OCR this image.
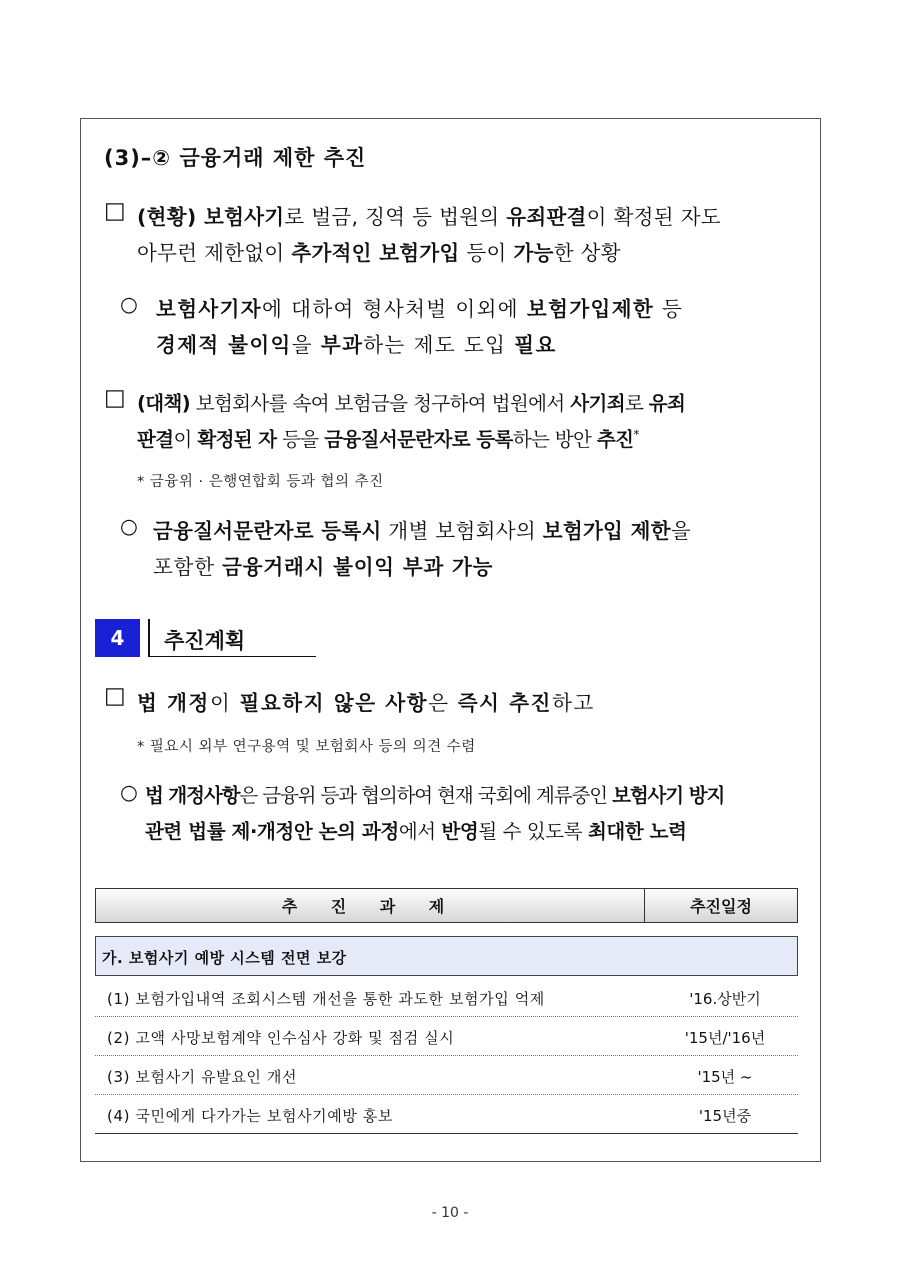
(3)–② 금융거래 제한 추진
□ (현황) 보험사기로 벌금, 징역 등 법원의 유죄판결이 확정된 자도
아무런 제한없이 추가적인 보험가입 등이 가능한 상황
○ 보험사기자에 대하여 형사처벌 이외에 보험가입제한 등
경제적 불이익을 부과하는 제도 도입 필요
□ (대책) 보험회사를 속여 보험금을 청구하여 법원에서 사기죄로 유죄
판결이 확정된 자 등을 금융질서문란자로 등록하는 방안 추진*
* 금융위 · 은행연합회 등과 협의 추진
○ 금융질서문란자로 등록시 개별 보험회사의 보험가입 제한을
포함한 금융거래시 불이익 부과 가능
4	추진계획
□ 법 개정이 필요하지 않은 사항은 즉시 추진하고
* 필요시 외부 연구용역 및 보험회사 등의 의견 수렴
○ 법 개정사항은 금융위 등과 협의하여 현재 국회에 계류중인 보험사기 방지
관련 법률 제·개정안 논의 과정에서 반영될 수 있도록 최대한 노력
추 진 과 제	추진일정
가. 보험사기 예방 시스템 전면 보강
(1) 보험가입내역 조회시스템 개선을 통한 과도한 보험가입 억제	'16.상반기
(2) 고액 사망보험계약 인수심사 강화 및 점검 실시	'15년/'16년
(3) 보험사기 유발요인 개선	'15년 ~
(4) 국민에게 다가가는 보험사기예방 홍보	'15년중
- 10 -
